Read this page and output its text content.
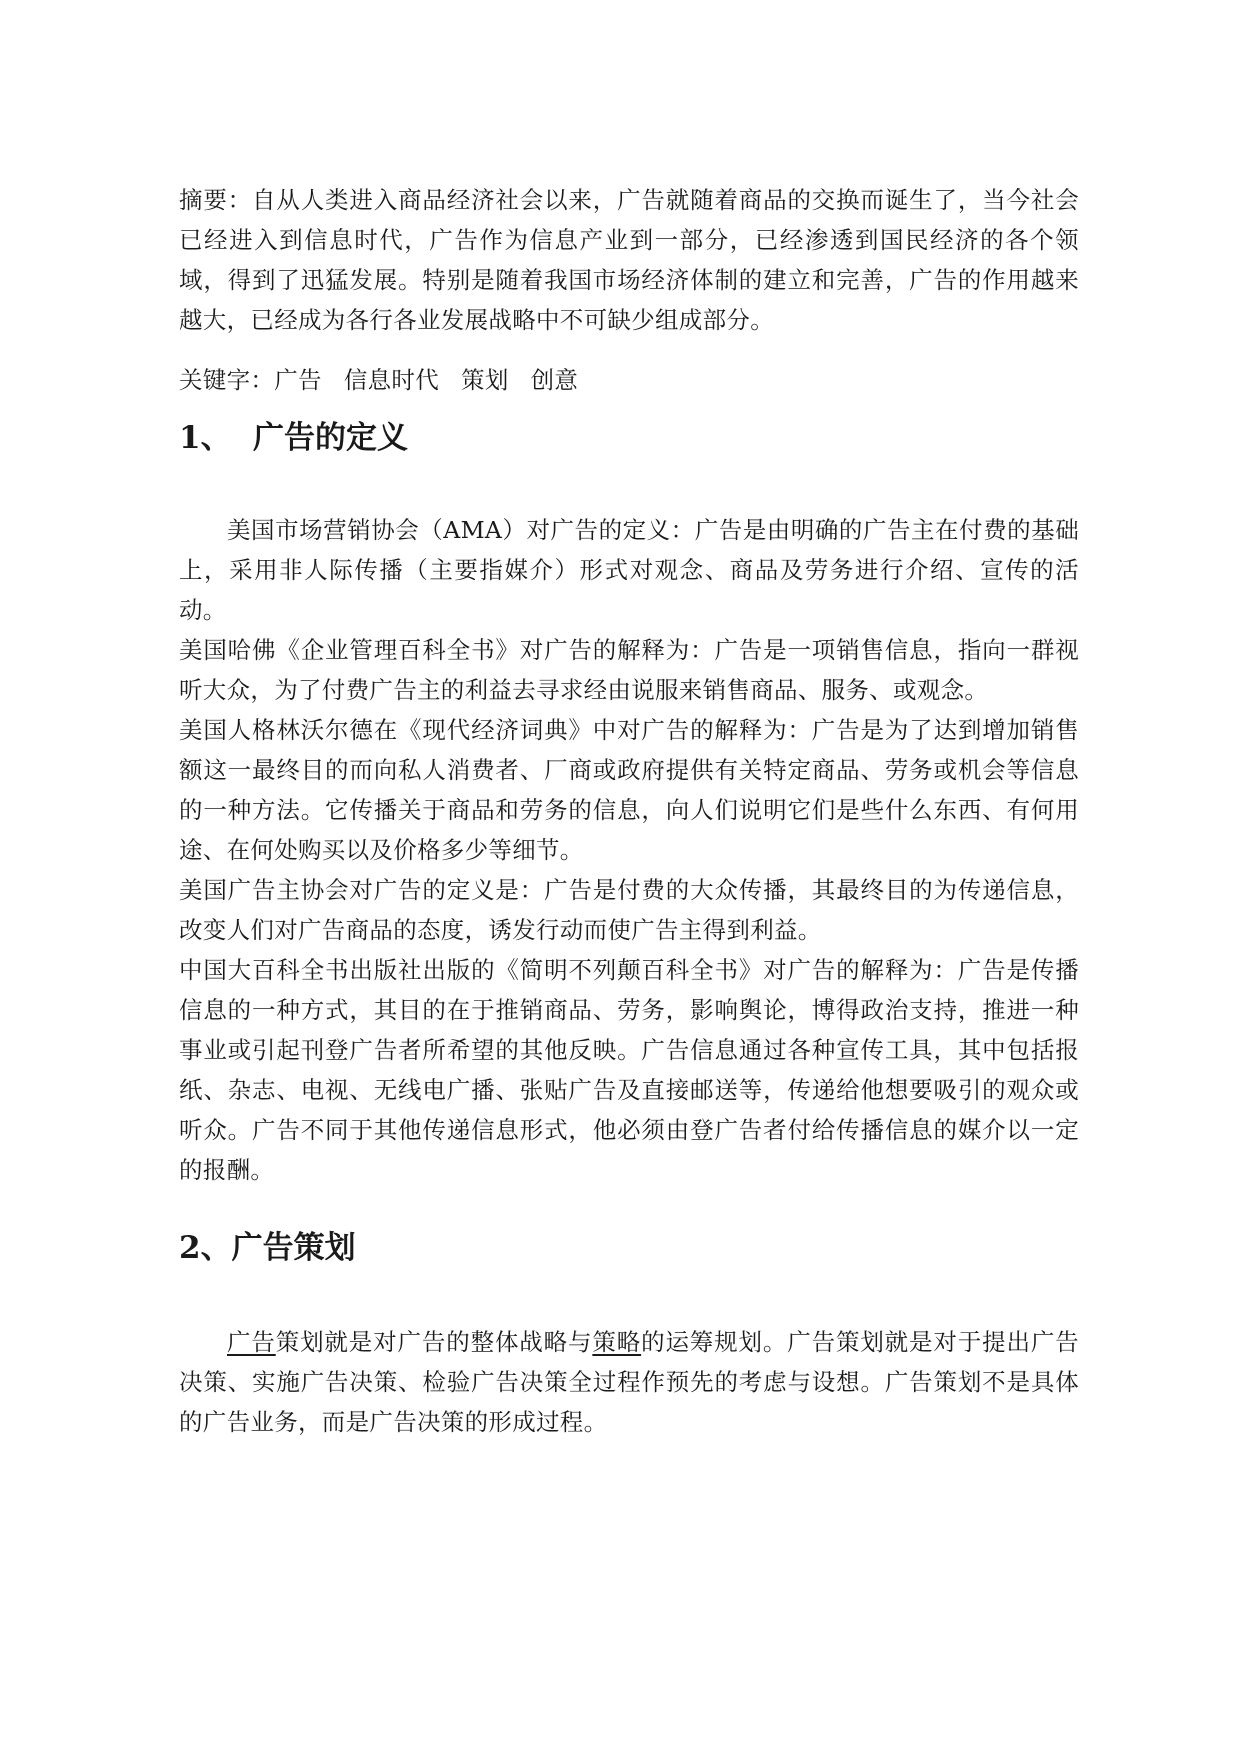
摘要：自从人类进入商品经济社会以来，广告就随着商品的交换而诞生了，当今社会已经进入到信息时代，广告作为信息产业到一部分，已经渗透到国民经济的各个领域，得到了迅猛发展。特别是随着我国市场经济体制的建立和完善，广告的作用越来越大，已经成为各行各业发展战略中不可缺少组成部分。

关键字：广告 信息时代 策划 创意

1、 广告的定义

美国市场营销协会（AMA）对广告的定义：广告是由明确的广告主在付费的基础上，采用非人际传播（主要指媒介）形式对观念、商品及劳务进行介绍、宣传的活动。

美国哈佛《企业管理百科全书》对广告的解释为：广告是一项销售信息，指向一群视听大众，为了付费广告主的利益去寻求经由说服来销售商品、服务、或观念。

美国人格林沃尔德在《现代经济词典》中对广告的解释为：广告是为了达到增加销售额这一最终目的而向私人消费者、厂商或政府提供有关特定商品、劳务或机会等信息的一种方法。它传播关于商品和劳务的信息，向人们说明它们是些什么东西、有何用途、在何处购买以及价格多少等细节。

美国广告主协会对广告的定义是：广告是付费的大众传播，其最终目的为传递信息，改变人们对广告商品的态度，诱发行动而使广告主得到利益。

中国大百科全书出版社出版的《简明不列颠百科全书》对广告的解释为：广告是传播信息的一种方式，其目的在于推销商品、劳务，影响舆论，博得政治支持，推进一种事业或引起刊登广告者所希望的其他反映。广告信息通过各种宣传工具，其中包括报纸、杂志、电视、无线电广播、张贴广告及直接邮送等，传递给他想要吸引的观众或听众。广告不同于其他传递信息形式，他必须由登广告者付给传播信息的媒介以一定的报酬。

2、广告策划

广告策划就是对广告的整体战略与策略的运筹规划。广告策划就是对于提出广告决策、实施广告决策、检验广告决策全过程作预先的考虑与设想。广告策划不是具体的广告业务，而是广告决策的形成过程。
